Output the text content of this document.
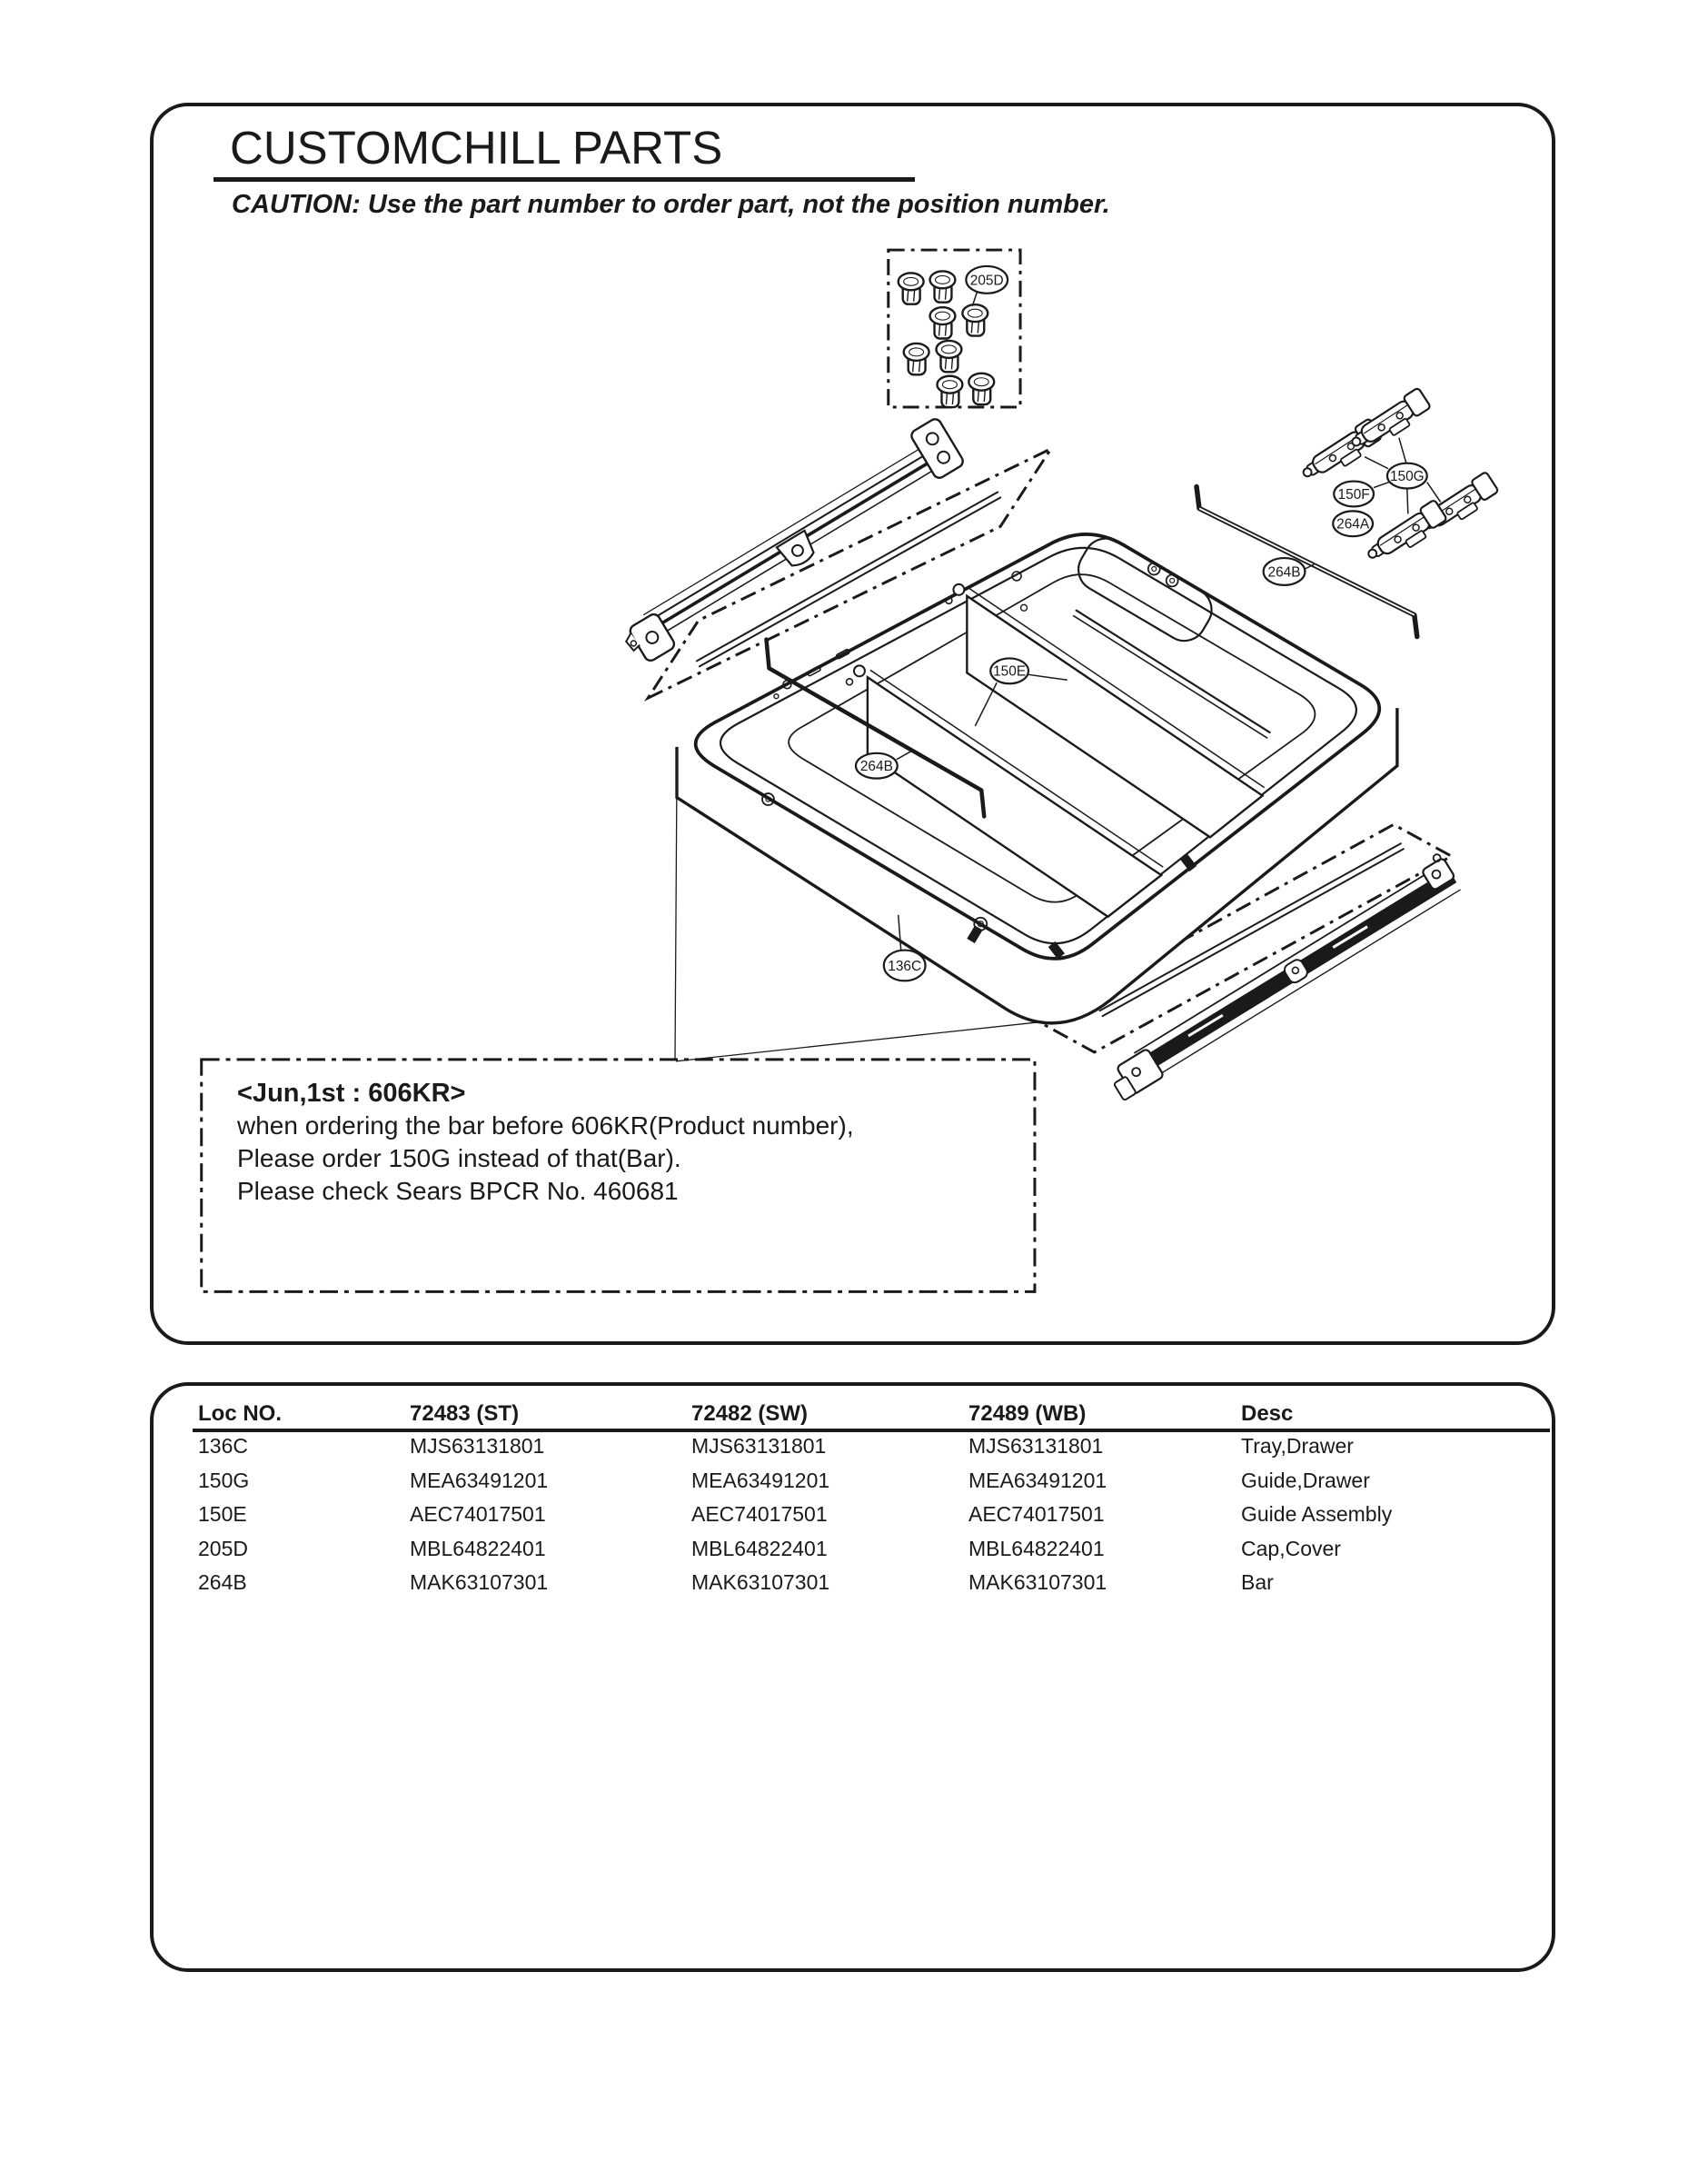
CUSTOMCHILL PARTS

CAUTION: Use the part number to order part, not the position number.

205D
150G
150F
264A
264B
150E
264B
136C
<Jun,1st : 606KR>
when ordering the bar before 606KR(Product number),
Please order 150G instead of that(Bar).
Please check Sears BPCR No. 460681
Loc NO.	72483 (ST)	72482 (SW)	72489 (WB)	Desc
136C	MJS63131801	MJS63131801	MJS63131801	Tray,Drawer
150G	MEA63491201	MEA63491201	MEA63491201	Guide,Drawer
150E	AEC74017501	AEC74017501	AEC74017501	Guide Assembly
205D	MBL64822401	MBL64822401	MBL64822401	Cap,Cover
264B	MAK63107301	MAK63107301	MAK63107301	Bar
